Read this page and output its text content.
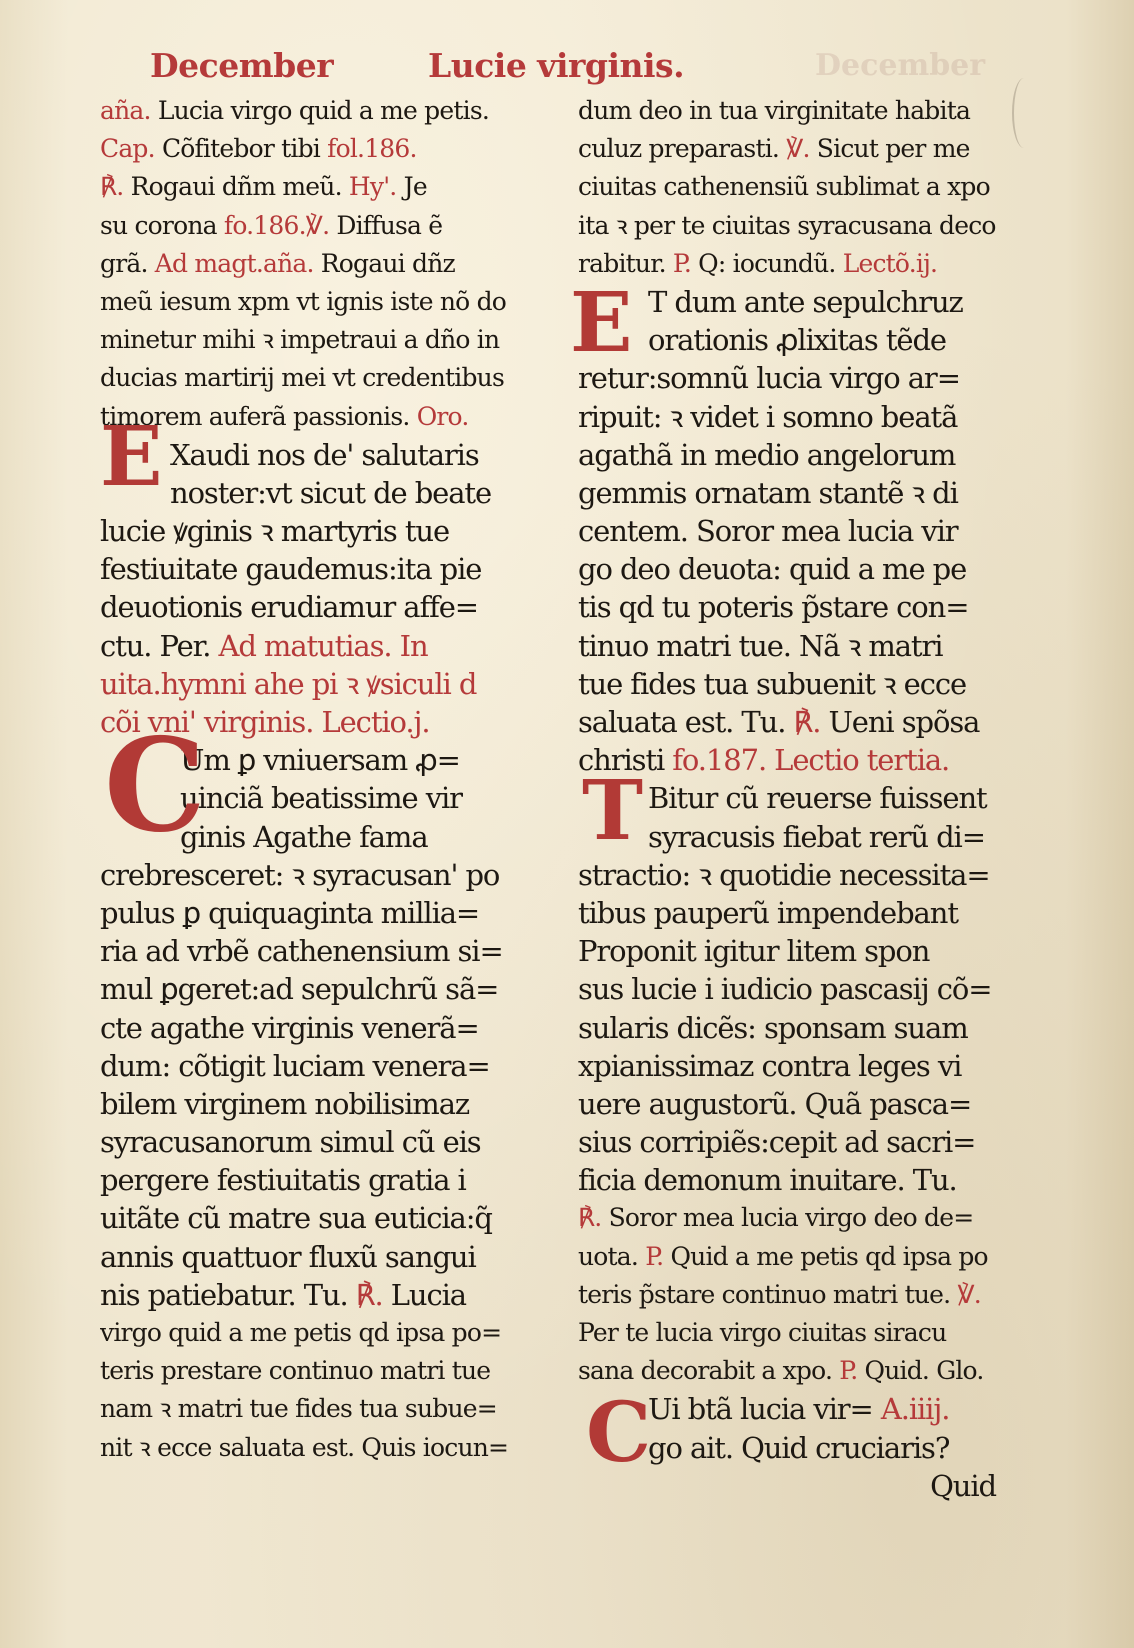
December
December	Lucie virginis.
aña. Lucia virgo quid a me petis.
Cap. Cõfitebor tibi fol.186.
℟. Rogaui dñm meũ. Hy'. Je
su corona fo.186.℣. Diffusa ẽ
grã. Ad magt.aña. Rogaui dñz
meũ iesum xpm vt ignis iste nõ do
minetur mihi ꝛ impetraui a dño in
ducias martirij mei vt credentibus
timorem auferã passionis. Oro.
Xaudi nos de' salutaris
noster:vt sicut de beate
lucie ꝟginis ꝛ martyris tue
festiuitate gaudemus:ita pie
deuotionis erudiamur affe=
ctu. Per. Ad matutias. In
uita.hymni ahe pi ꝛ ꝟsiculi d
cõi vni' virginis. Lectio.j.
Um ꝑ vniuersam ꝓ=
uinciã beatissime vir
ginis Agathe fama
crebresceret: ꝛ syracusan' po
pulus ꝑ quiquaginta millia=
ria ad vrbẽ cathenensium si=
mul ꝑgeret:ad sepulchrũ sã=
cte agathe virginis venerã=
dum: cõtigit luciam venera=
bilem virginem nobilisimaz
syracusanorum simul cũ eis
pergere festiuitatis gratia i
uitãte cũ matre sua euticia:q̃
annis quattuor fluxũ sangui
nis patiebatur. Tu. ℟. Lucia
virgo quid a me petis qd ipsa po=
teris prestare continuo matri tue
nam ꝛ matri tue fides tua subue=
nit ꝛ ecce saluata est. Quis iocun=
dum deo in tua virginitate habita
culuz preparasti. ℣. Sicut per me
ciuitas cathenensiũ sublimat a xpo
ita ꝛ per te ciuitas syracusana deco
rabitur. P. Q: iocundũ. Lectõ.ij.
T dum ante sepulchruz
orationis ꝓlixitas tẽde
retur:somnũ lucia virgo ar=
ripuit: ꝛ videt i somno beatã
agathã in medio angelorum
gemmis ornatam stantẽ ꝛ di
centem. Soror mea lucia vir
go deo deuota: quid a me pe
tis qd tu poteris p̃stare con=
tinuo matri tue. Nã ꝛ matri
tue fides tua subuenit ꝛ ecce
saluata est. Tu. ℟. Ueni spõsa
christi fo.187. Lectio tertia.
Bitur cũ reuerse fuissent
syracusis fiebat rerũ di=
stractio: ꝛ quotidie necessita=
tibus pauperũ impendebant
Proponit igitur litem spon
sus lucie i iudicio pascasij cõ=
sularis dicẽs: sponsam suam
xpianissimaz contra leges vi
uere augustorũ. Quã pasca=
sius corripiẽs:cepit ad sacri=
ficia demonum inuitare. Tu.
℟. Soror mea lucia virgo deo de=
uota. P. Quid a me petis qd ipsa po
teris p̃stare continuo matri tue. ℣.
Per te lucia virgo ciuitas siracu
sana decorabit a xpo. P. Quid. Glo.
Ui btã lucia vir= A.iiij.
go ait. Quid cruciaris?
Quid
E
C
E
T
C
